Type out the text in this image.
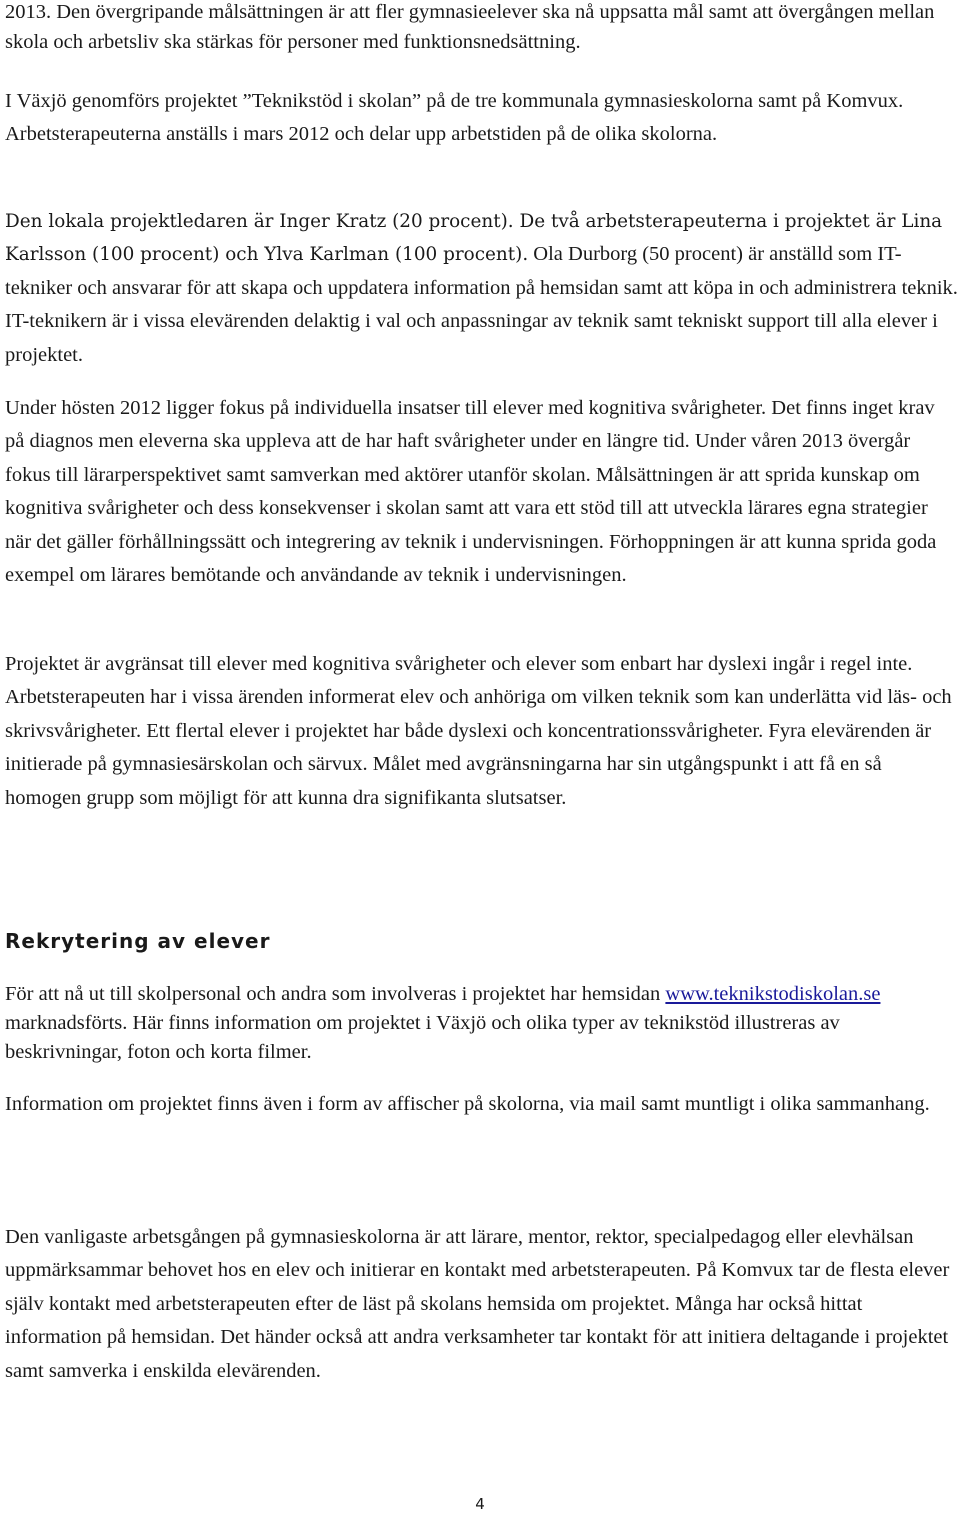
2013. Den övergripande målsättningen är att fler gymnasieelever ska nå uppsatta mål samt att övergången mellan skola och arbetsliv ska stärkas för personer med funktionsnedsättning.

I Växjö genomförs projektet ”Teknikstöd i skolan” på de tre kommunala gymnasieskolorna samt på Komvux. Arbetsterapeuterna anställs i mars 2012 och delar upp arbetstiden på de olika skolorna.

Den lokala projektledaren är Inger Kratz (20 procent). De två arbetsterapeuterna i projektet är Lina Karlsson (100 procent) och Ylva Karlman (100 procent). Ola Durborg (50 procent) är anställd som IT-tekniker och ansvarar för att skapa och uppdatera information på hemsidan samt att köpa in och administrera teknik. IT-teknikern är i vissa elevärenden delaktig i val och anpassningar av teknik samt tekniskt support till alla elever i projektet.

Under hösten 2012 ligger fokus på individuella insatser till elever med kognitiva svårigheter. Det finns inget krav på diagnos men eleverna ska uppleva att de har haft svårigheter under en längre tid. Under våren 2013 övergår fokus till lärarperspektivet samt samverkan med aktörer utanför skolan. Målsättningen är att sprida kunskap om kognitiva svårigheter och dess konsekvenser i skolan samt att vara ett stöd till att utveckla lärares egna strategier när det gäller förhållningssätt och integrering av teknik i undervisningen. Förhoppningen är att kunna sprida goda exempel om lärares bemötande och användande av teknik i undervisningen.

Projektet är avgränsat till elever med kognitiva svårigheter och elever som enbart har dyslexi ingår i regel inte. Arbetsterapeuten har i vissa ärenden informerat elev och anhöriga om vilken teknik som kan underlätta vid läs- och skrivsvårigheter. Ett flertal elever i projektet har både dyslexi och koncentrationssvårigheter. Fyra elevärenden är initierade på gymnasiesärskolan och särvux. Målet med avgränsningarna har sin utgångspunkt i att få en så homogen grupp som möjligt för att kunna dra signifikanta slutsatser.

Rekrytering av elever

För att nå ut till skolpersonal och andra som involveras i projektet har hemsidan www.teknikstodiskolan.se marknadsförts. Här finns information om projektet i Växjö och olika typer av teknikstöd illustreras av beskrivningar, foton och korta filmer.

Information om projektet finns även i form av affischer på skolorna, via mail samt muntligt i olika sammanhang.

Den vanligaste arbetsgången på gymnasieskolorna är att lärare, mentor, rektor, specialpedagog eller elevhälsan uppmärksammar behovet hos en elev och initierar en kontakt med arbetsterapeuten. På Komvux tar de flesta elever själv kontakt med arbetsterapeuten efter de läst på skolans hemsida om projektet. Många har också hittat information på hemsidan. Det händer också att andra verksamheter tar kontakt för att initiera deltagande i projektet samt samverka i enskilda elevärenden.

4
